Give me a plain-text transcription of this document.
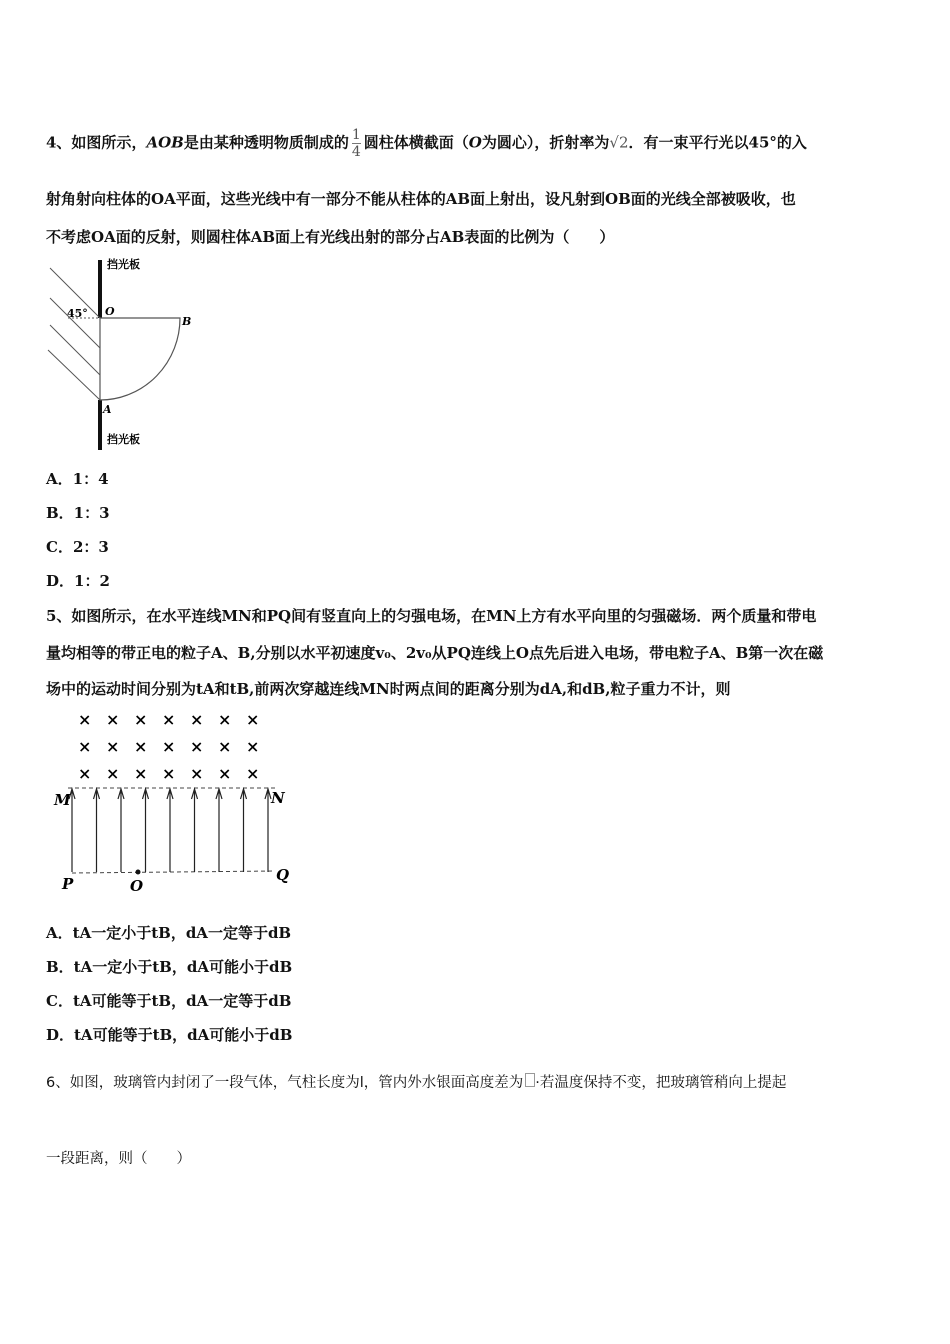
4、如图所示，AOB是由某种透明物质制成的 $\frac{1}{4}$ 圆柱体横截面（O为圆心），折射率为√2．有一束平行光以45°的入
射角射向柱体的OA平面，这些光线中有一部分不能从柱体的AB面上射出，设凡射到OB面的光线全部被吸收，也
不考虑OA面的反射，则圆柱体AB面上有光线出射的部分占AB表面的比例为（　　）
45°
挡光板
挡光板
O
B
A
A．1：4
B．1：3
C．2：3
D．1：2
5、如图所示，在水平连线MN和PQ间有竖直向上的匀强电场，在MN上方有水平向里的匀强磁场．两个质量和带电
量均相等的带正电的粒子A、B,分别以水平初速度v₀、2v₀从PQ连线上O点先后进入电场，带电粒子A、B第一次在磁
场中的运动时间分别为tA和tB,前两次穿越连线MN时两点间的距离分别为dA,和dB,粒子重力不计，则
× × × × × × ×
× × × × × × ×
× × × × × × ×
M	N
P	O
Q
A．tA一定小于tB，dA一定等于dB
B．tA一定小于tB，dA可能小于dB
C．tA可能等于tB，dA一定等于dB
D．tA可能等于tB，dA可能小于dB
6、如图，玻璃管内封闭了一段气体，气柱长度为l，管内外水银面高度差为 ·若温度保持不变，把玻璃管稍向上提起
一段距离，则（　　）
